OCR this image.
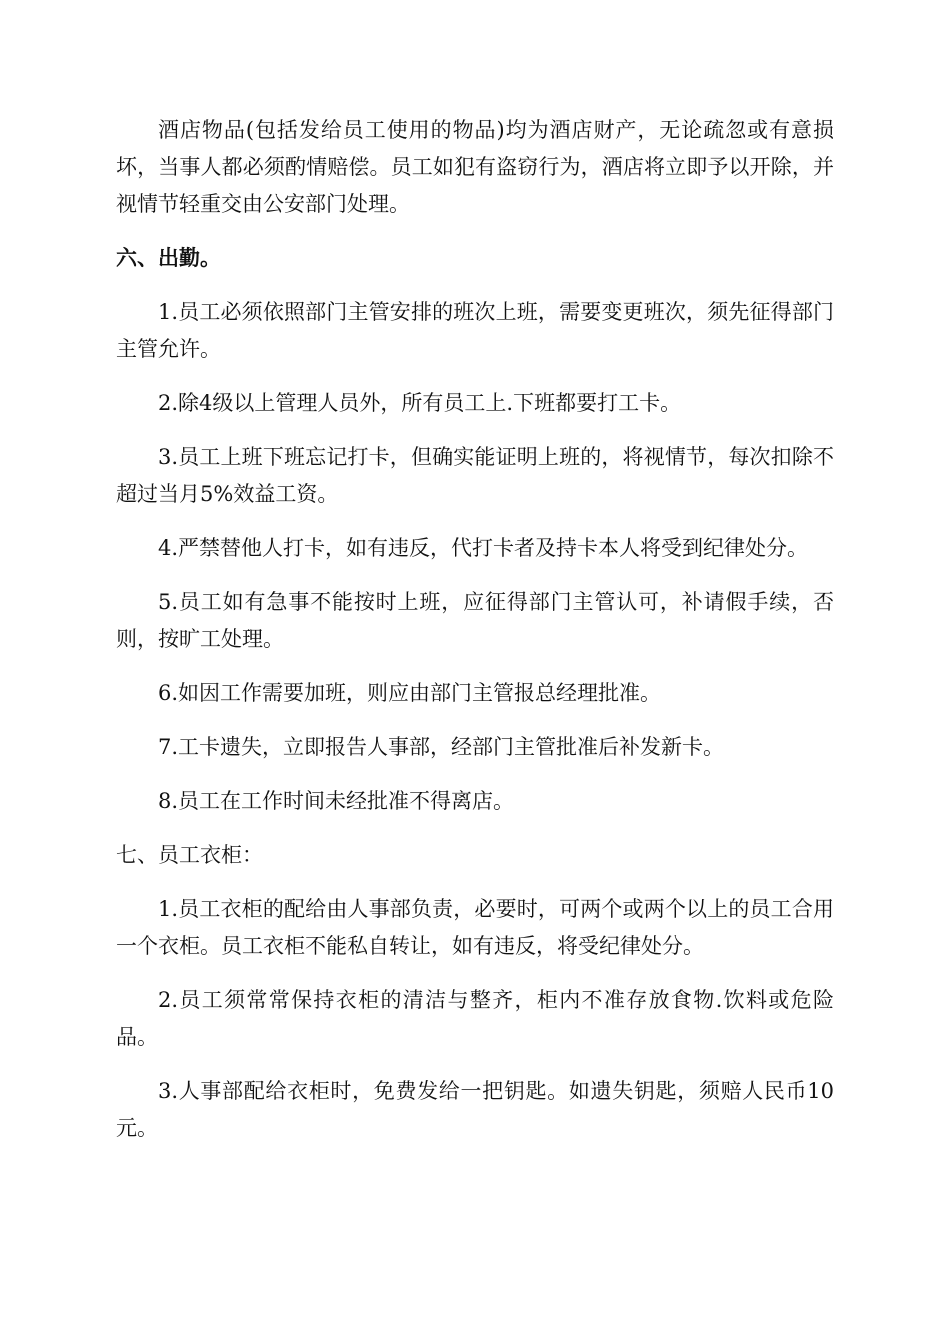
酒店物品(包括发给员工使用的物品)均为酒店财产，无论疏忽或有意损坏，当事人都必须酌情赔偿。员工如犯有盗窃行为，酒店将立即予以开除，并视情节轻重交由公安部门处理。

六、出勤。

1.员工必须依照部门主管安排的班次上班，需要变更班次，须先征得部门主管允许。

2.除4级以上管理人员外，所有员工上.下班都要打工卡。

3.员工上班下班忘记打卡，但确实能证明上班的，将视情节，每次扣除不超过当月5%效益工资。

4.严禁替他人打卡，如有违反，代打卡者及持卡本人将受到纪律处分。

5.员工如有急事不能按时上班，应征得部门主管认可，补请假手续，否则，按旷工处理。

6.如因工作需要加班，则应由部门主管报总经理批准。

7.工卡遗失，立即报告人事部，经部门主管批准后补发新卡。

8.员工在工作时间未经批准不得离店。

七、员工衣柜：

1.员工衣柜的配给由人事部负责，必要时，可两个或两个以上的员工合用一个衣柜。员工衣柜不能私自转让，如有违反，将受纪律处分。

2.员工须常常保持衣柜的清洁与整齐，柜内不准存放食物.饮料或危险品。

3.人事部配给衣柜时，免费发给一把钥匙。如遗失钥匙，须赔人民币10元。
